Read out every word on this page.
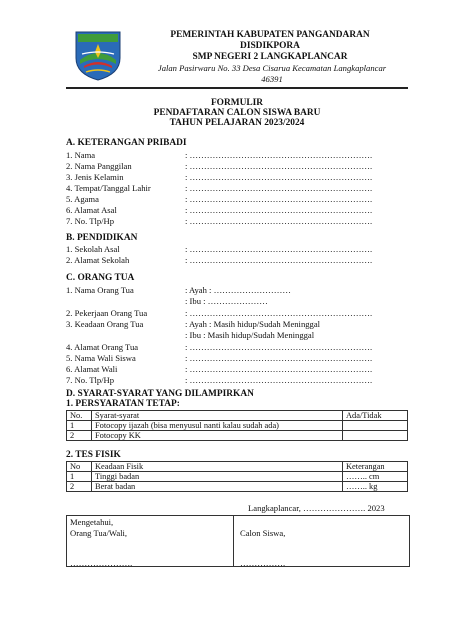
PEMERINTAH KABUPATEN PANGANDARAN
DISDIKPORA
SMP NEGERI 2 LANGKAPLANCAR
Jalan Pasirwaru No. 33 Desa Cisarua Kecamatan Langkaplancar
46391
FORMULIR
PENDAFTARAN CALON SISWA BARU
TAHUN PELAJARAN 2023/2024
A. KETERANGAN PRIBADI
1. Nama	: ……………………………………………………….
2. Nama Panggilan	: ……………………………………………………….
3. Jenis Kelamin	: ……………………………………………………….
4. Tempat/Tanggal Lahir	: ……………………………………………………….
5. Agama	: ……………………………………………………….
6. Alamat Asal	: ……………………………………………………….
7. No. Tlp/Hp	: ……………………………………………………….
B. PENDIDIKAN
1. Sekolah Asal	: ……………………………………………………….
2. Alamat Sekolah	: ……………………………………………………….
C. ORANG TUA
1. Nama Orang Tua	: Ayah : ………………………
: Ibu : …………………
2. Pekerjaan Orang Tua	: ……………………………………………………….
3. Keadaan Orang Tua	: Ayah : Masih hidup/Sudah Meninggal
: Ibu : Masih hidup/Sudah Meninggal
4. Alamat Orang Tua	: ……………………………………………………….
5. Nama Wali Siswa	: ……………………………………………………….
6. Alamat Wali	: ……………………………………………………….
7. No. Tlp/Hp	: ……………………………………………………….
D. SYARAT-SYARAT YANG DILAMPIRKAN
1. PERSYARATAN TETAP:
No.	Syarat-syarat	Ada/Tidak
1	Fotocopy ijazah (bisa menyusul nanti kalau sudah ada)	
2	Fotocopy KK	
2. TES FISIK
No	Keadaan Fisik	Keterangan
1	Tinggi badan	…….. cm
2	Berat badan	…….. kg
Langkaplancar, …………………. 2023
Mengetahui,
Orang Tua/Wali,
………………….
Calon Siswa,
…………….
